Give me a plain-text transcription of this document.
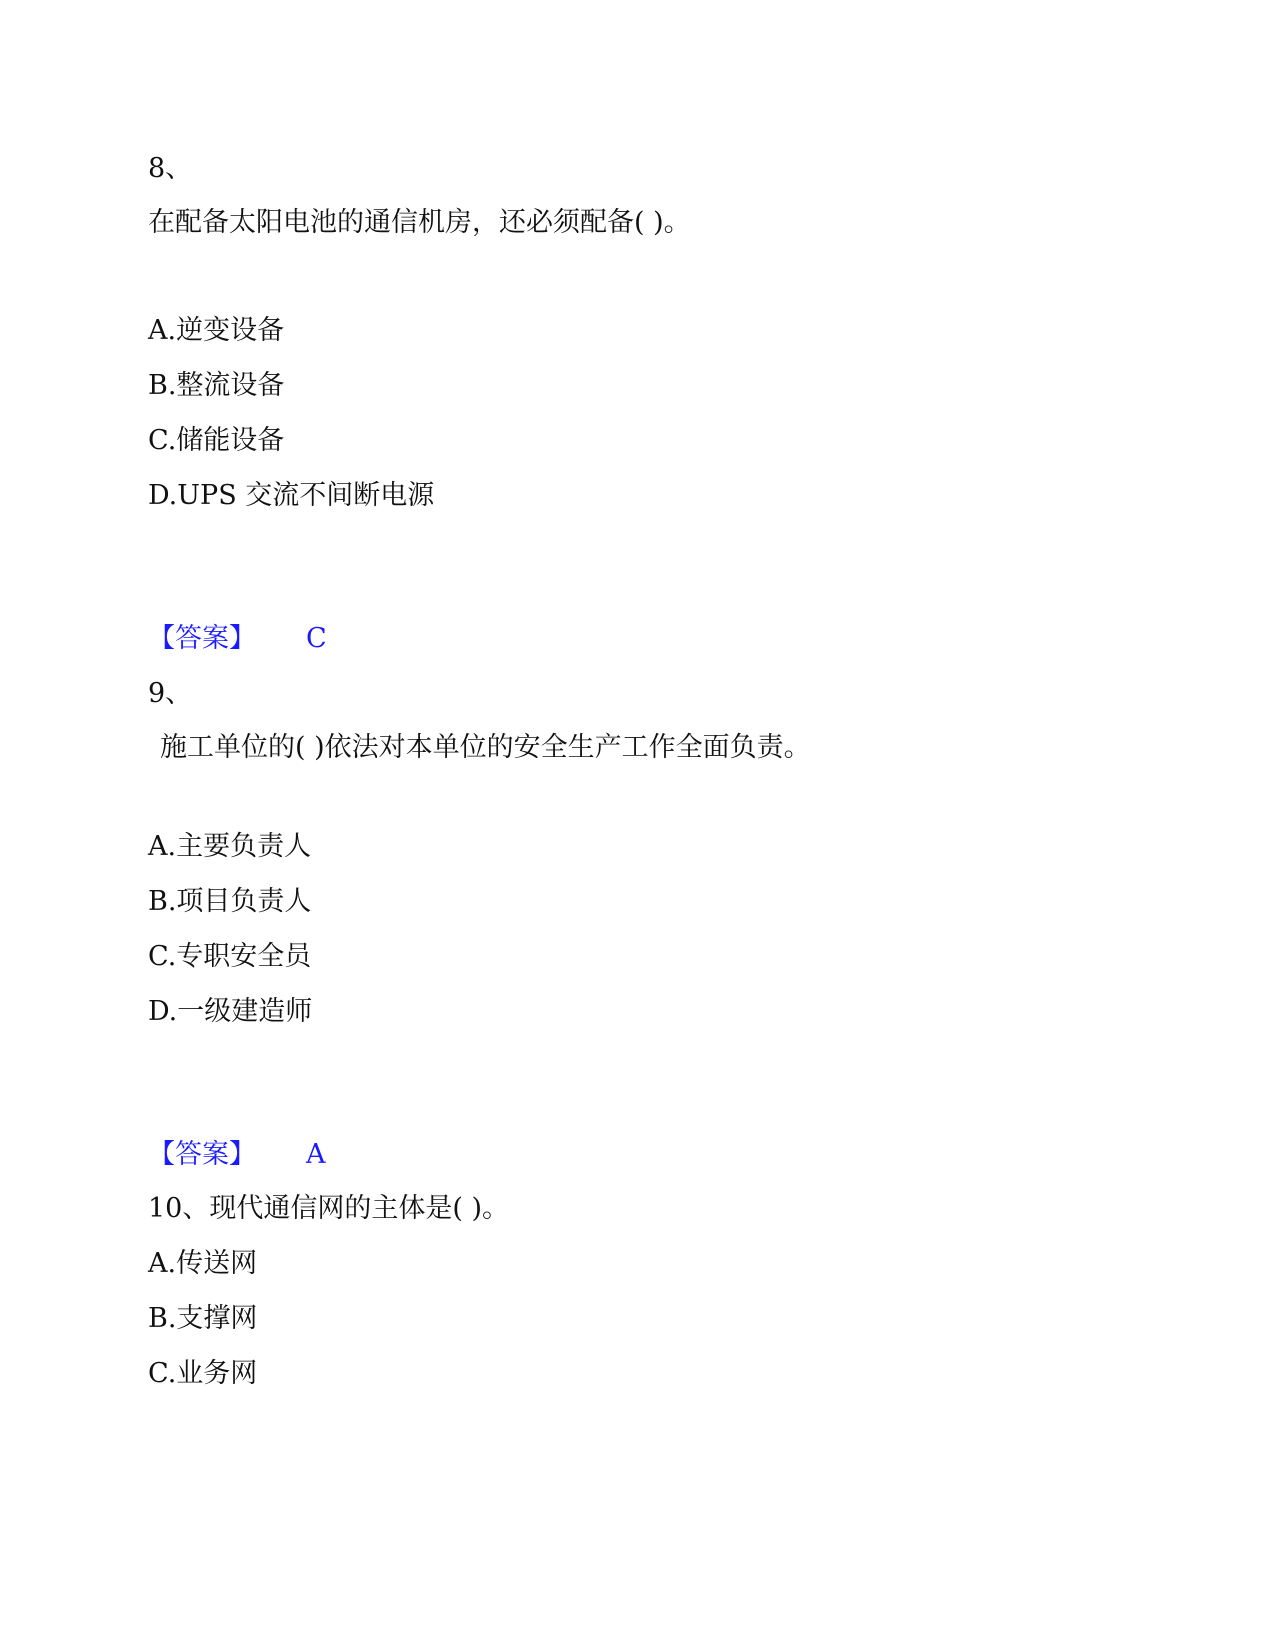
8、
在配备太阳电池的通信机房，还必须配备( )。
A.逆变设备
B.整流设备
C.储能设备
D.UPS 交流不间断电源
【答案】 C
9、
施工单位的( )依法对本单位的安全生产工作全面负责。
A.主要负责人
B.项目负责人
C.专职安全员
D.一级建造师
【答案】 A
10、现代通信网的主体是( )。
A.传送网
B.支撑网
C.业务网
